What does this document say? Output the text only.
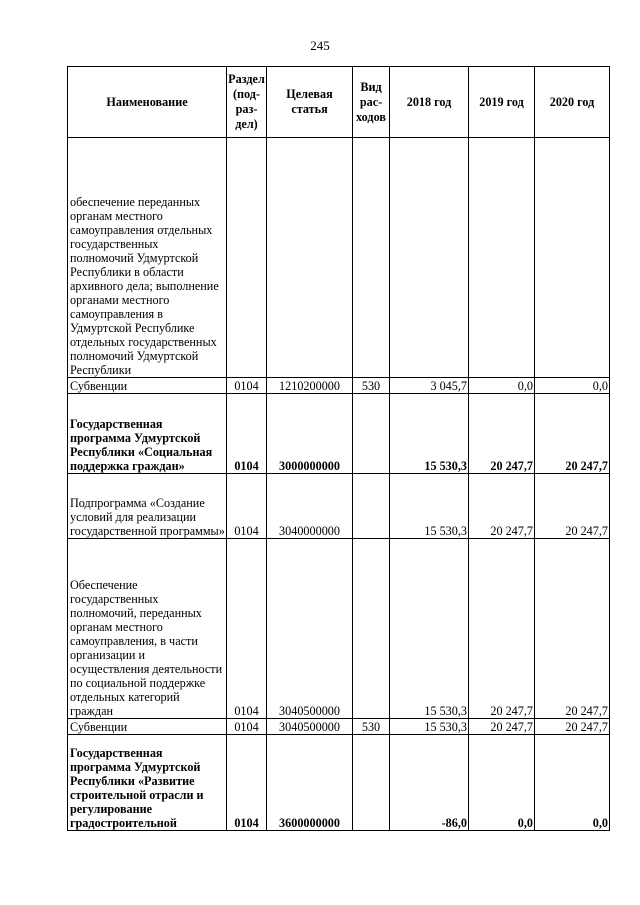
245
Наименование	Раздел (под- раз- дел)	Целевая статья	Вид рас- ходов	2018 год	2019 год	2020 год
обеспечение переданных органам местного самоуправления отдельных государственных полномочий Удмуртской Республики в области архивного дела; выполнение органами местного самоуправления в Удмуртской Республике отдельных государственных полномочий Удмуртской Республики						
Субвенции	0104	1210200000	530	3 045,7	0,0	0,0
Государственная программа Удмуртской Республики «Социальная поддержка граждан»	0104	3000000000		15 530,3	20 247,7	20 247,7
Подпрограмма «Создание условий для реализации государственной программы»	0104	3040000000		15 530,3	20 247,7	20 247,7
Обеспечение государственных полномочий, переданных органам местного самоуправления, в части организации и осуществления деятельности по социальной поддержке отдельных категорий граждан	0104	3040500000		15 530,3	20 247,7	20 247,7
Субвенции	0104	3040500000	530	15 530,3	20 247,7	20 247,7
Государственная программа Удмуртской Республики «Развитие строительной отрасли и регулирование градостроительной	0104	3600000000		-86,0	0,0	0,0
